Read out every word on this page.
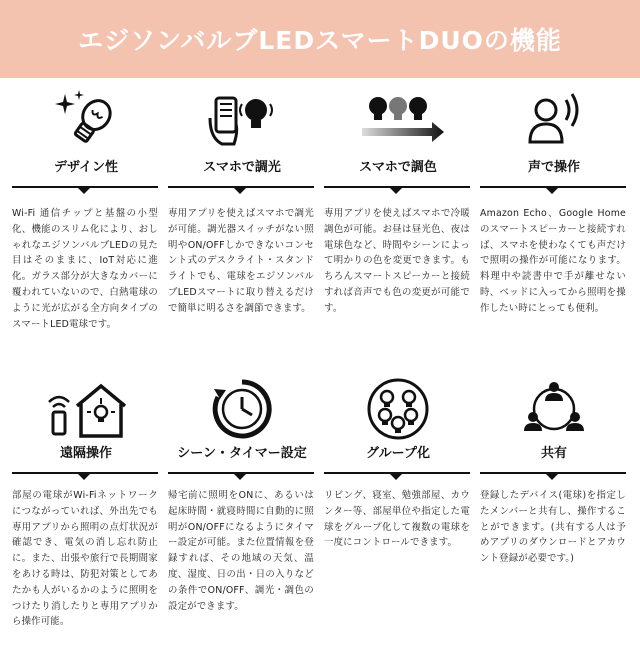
エジソンバルブLEDスマートDUOの機能
デザイン性
Wi-Fi 通信チップと基盤の小型化、機能のスリム化により、おしゃれなエジソンバルブLEDの見た目はそのままに、IoT対応に進化。ガラス部分が大きなカバーに覆われていないので、白熱電球のように光が広がる全方向タイプのスマートLED電球です。
スマホで調光
専用アプリを使えばスマホで調光が可能。調光器スイッチがない照明やON/OFFしかできないコンセント式のデスクライト・スタンドライトでも、電球をエジソンバルブLEDスマートに取り替えるだけで簡単に明るさを調節できます。
スマホで調色
専用アプリを使えばスマホで冷暖調色が可能。お昼は昼光色、夜は電球色など、時間やシーンによって明かりの色を変更できます。もちろんスマートスピーカーと接続すれば音声でも色の変更が可能です。
声で操作
Amazon Echo、Google Homeのスマートスピーカーと接続すれば、スマホを使わなくても声だけで照明の操作が可能になります。料理中や読書中で手が離せない時、ベッドに入ってから照明を操作したい時にとっても便利。
遠隔操作
部屋の電球がWi-Fiネットワークにつながっていれば、外出先でも専用アプリから照明の点灯状況が確認でき、電気の消し忘れ防止に。また、出張や旅行で長期間家をあける時は、防犯対策としてあたかも人がいるかのように照明をつけたり消したりと専用アプリから操作可能。
シーン・タイマー設定
帰宅前に照明をONに、あるいは起床時間・就寝時間に自動的に照明がON/OFFになるようにタイマー設定が可能。また位置情報を登録すれば、その地域の天気、温度、湿度、日の出・日の入りなどの条件でON/OFF、調光・調色の設定ができます。
グループ化
リビング、寝室、勉強部屋、カウンター等、部屋単位や指定した電球をグループ化して複数の電球を一度にコントロールできます。
共有
登録したデバイス(電球)を指定したメンバーと共有し、操作することができます。(共有する人は予めアプリのダウンロードとアカウント登録が必要です。)
